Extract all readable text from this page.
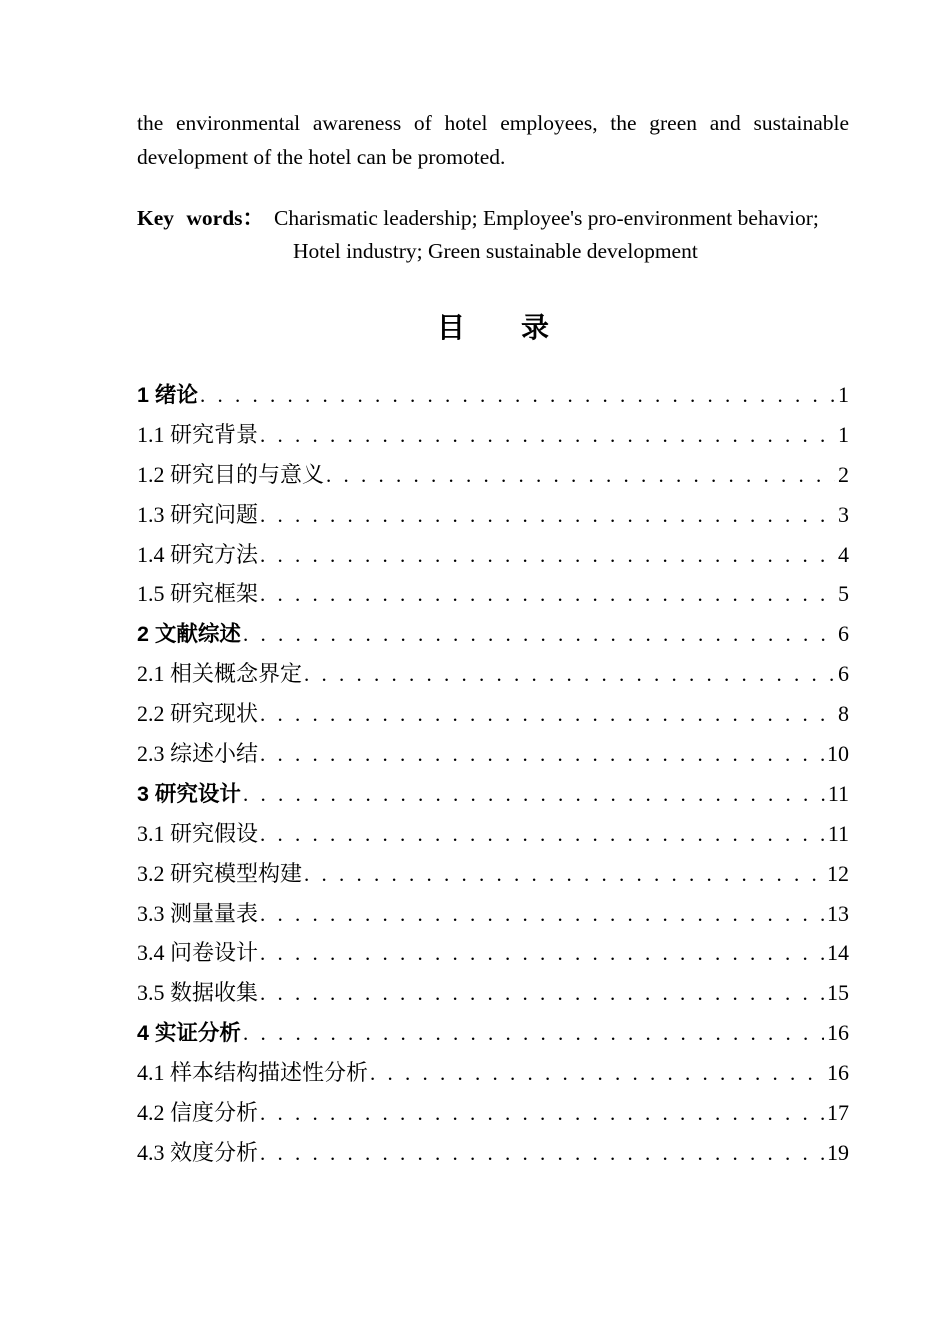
the environmental awareness of hotel employees, the green and sustainable development of the hotel can be promoted.

Key words： Charismatic leadership; Employee's pro-environment behavior;
Hotel industry; Green sustainable development
目　　录
1 绪论 . . .	1
1.1 研究背景 . . .	1
1.2 研究目的与意义 . . .	2
1.3 研究问题 . . .	3
1.4 研究方法 . . .	4
1.5 研究框架 . . .	5
2 文献综述 . . .	6
2.1 相关概念界定 . . .	6
2.2 研究现状 . . .	8
2.3 综述小结 . . .	10
3 研究设计 . . .	11
3.1 研究假设 . . .	11
3.2 研究模型构建 . . .	12
3.3 测量量表 . . .	13
3.4 问卷设计 . . .	14
3.5 数据收集 . . .	15
4 实证分析 . . .	16
4.1 样本结构描述性分析 . . .	16
4.2 信度分析 . . .	17
4.3 效度分析 . . .	19
